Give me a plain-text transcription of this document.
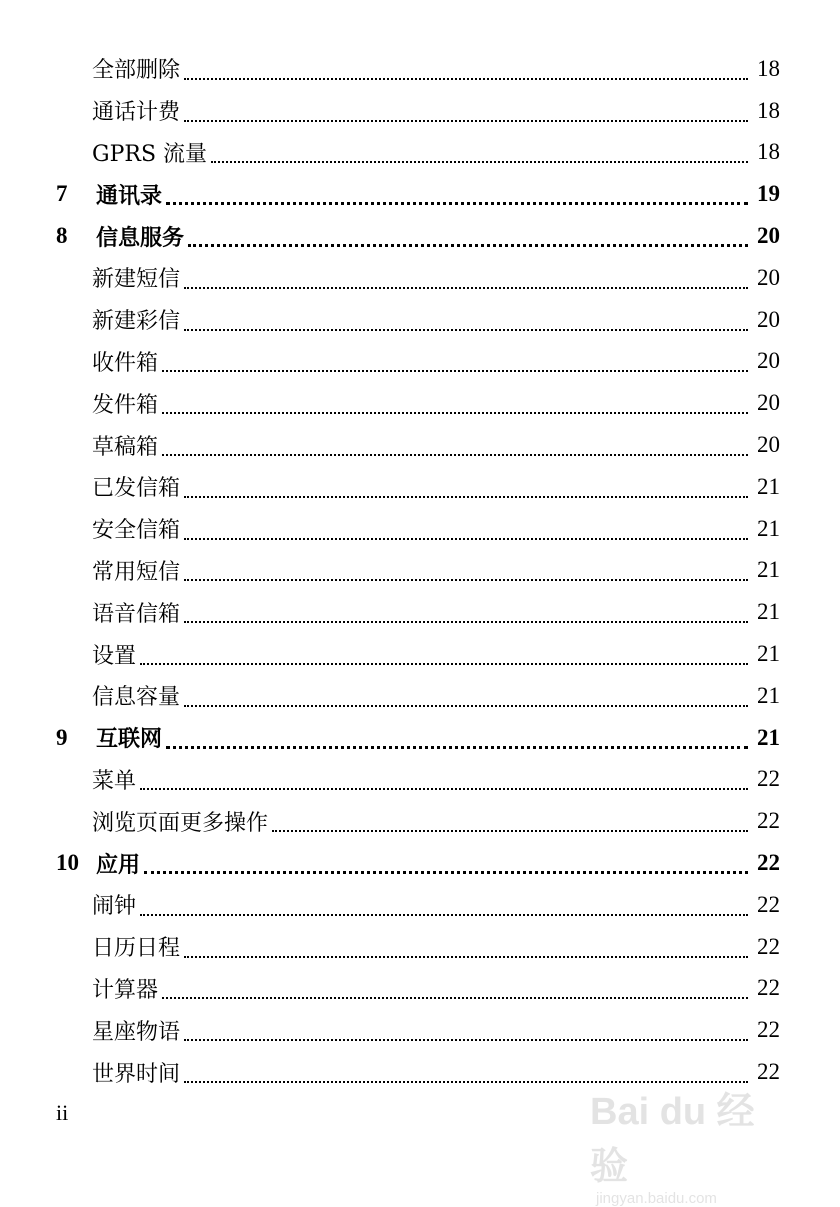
全部删除	18
通话计费	18
GPRS 流量	18
7 通讯录	19
8 信息服务	20
新建短信	20
新建彩信	20
收件箱	20
发件箱	20
草稿箱	20
已发信箱	21
安全信箱	21
常用短信	21
语音信箱	21
设置	21
信息容量	21
9 互联网	21
菜单	22
浏览页面更多操作	22
10 应用	22
闹钟	22
日历日程	22
计算器	22
星座物语	22
世界时间	22
ii	Bai du 经验
jingyan.baidu.com
